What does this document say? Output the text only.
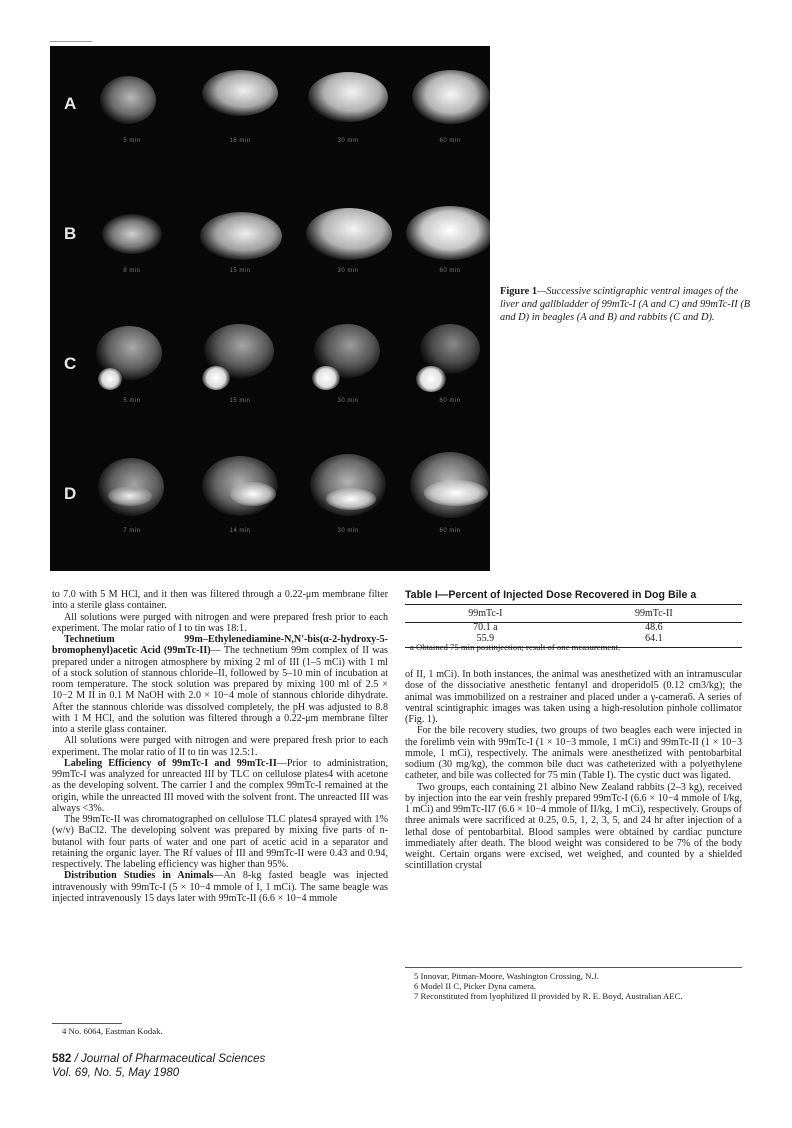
A
5 min	16 min	30 min	60 min
B
8 min	15 min	30 min	60 min
C
5 min	15 min	30 min	60 min
D
7 min	14 min	30 min	60 min
Figure 1—Successive scintigraphic ventral images of the liver and gallbladder of 99mTc-I (A and C) and 99mTc-II (B and D) in beagles (A and B) and rabbits (C and D).

to 7.0 with 5 M HCl, and it then was filtered through a 0.22-μm membrane filter into a sterile glass container.

All solutions were purged with nitrogen and were prepared fresh prior to each experiment. The molar ratio of I to tin was 18:1.

Technetium 99m–Ethylenediamine-N,N′-bis(α-2-hydroxy-5-bromophenyl)acetic Acid (99mTc-II)— The technetium 99m complex of II was prepared under a nitrogen atmosphere by mixing 2 ml of III (1–5 mCi) with 1 ml of a stock solution of stannous chloride–II, followed by 5–10 min of incubation at room temperature. The stock solution was prepared by mixing 100 ml of 2.5 × 10−2 M II in 0.1 M NaOH with 2.0 × 10−4 mole of stannous chloride dihydrate. After the stannous chloride was dissolved completely, the pH was adjusted to 8.8 with 1 M HCl, and the solution was filtered through a 0.22-μm membrane filter into a sterile glass container.

All solutions were purged with nitrogen and were prepared fresh prior to each experiment. The molar ratio of II to tin was 12.5:1.

Labeling Efficiency of 99mTc-I and 99mTc-II—Prior to administration, 99mTc-I was analyzed for unreacted III by TLC on cellulose plates4 with acetone as the developing solvent. The carrier I and the complex 99mTc-I remained at the origin, while the unreacted III moved with the solvent front. The unreacted III was always <3%.

The 99mTc-II was chromatographed on cellulose TLC plates4 sprayed with 1% (w/v) BaCl2. The developing solvent was prepared by mixing five parts of n-butanol with four parts of water and one part of acetic acid in a separator and retaining the organic layer. The Rf values of III and 99mTc-II were 0.43 and 0.94, respectively. The labeling efficiency was higher than 95%.

Distribution Studies in Animals—An 8-kg fasted beagle was injected intravenously with 99mTc-I (5 × 10−4 mmole of I, 1 mCi). The same beagle was injected intravenously 15 days later with 99mTc-II (6.6 × 10−4 mmole

4 No. 6064, Eastman Kodak.
Table I—Percent of Injected Dose Recovered in Dog Bile a
99mTc-I	99mTc-II
70.1 a	48.6
55.9	64.1
a Obtained 75 min postinjection; result of one measurement.

of II, 1 mCi). In both instances, the animal was anesthetized with an intramuscular dose of the dissociative anesthetic fentanyl and droperidol5 (0.12 cm3/kg); the animal was immobilized on a restrainer and placed under a γ-camera6. A series of ventral scintigraphic images was taken using a high-resolution pinhole collimator (Fig. 1).

For the bile recovery studies, two groups of two beagles each were injected in the forelimb vein with 99mTc-I (1 × 10−3 mmole, 1 mCi) and 99mTc-II (1 × 10−3 mmole, 1 mCi), respectively. The animals were anesthetized with pentobarbital sodium (30 mg/kg), the common bile duct was catheterized with a polyethylene catheter, and bile was collected for 75 min (Table I). The cystic duct was ligated.

Two groups, each containing 21 albino New Zealand rabbits (2–3 kg), received by injection into the ear vein freshly prepared 99mTc-I (6.6 × 10−4 mmole of I/kg, 1 mCi) and 99mTc-II7 (6.6 × 10−4 mmole of II/kg, 1 mCi), respectively. Groups of three animals were sacrificed at 0.25, 0.5, 1, 2, 3, 5, and 24 hr after injection of a lethal dose of pentobarbital. Blood samples were obtained by cardiac puncture immediately after death. The blood weight was considered to be 7% of the body weight. Certain organs were excised, wet weighed, and counted by a shielded scintillation crystal

5 Innovar, Pitman-Moore, Washington Crossing, N.J.
6 Model II C, Picker Dyna camera.
7 Reconstituted from lyophilized II provided by R. E. Boyd, Australian AEC.
582 / Journal of Pharmaceutical Sciences
Vol. 69, No. 5, May 1980
